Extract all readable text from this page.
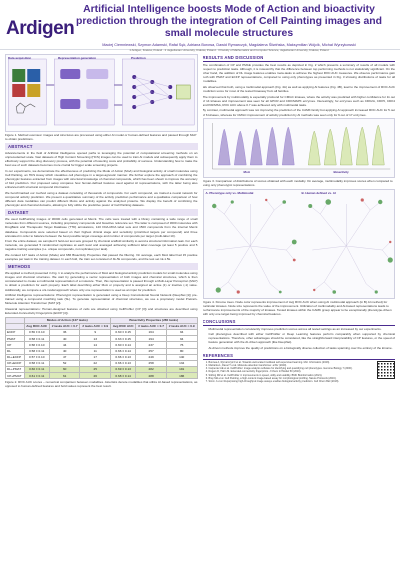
Ardigen
Artificial Intelligence boosts Mode of Action and bioactivity prediction through the integration of Cell Painting images and small molecule structures
Maciej Ciemniewski, Szymon Adamski, Rafał Sęk, Adriana Borowa, Dawid Rymarczyk, Magdalena Śliwińska, Maksymilian Wójcik, Michał Wyrzykowski
1 Ardigen, Kraków, Poland · 2 Jagiellonian University, Kraków, Poland · 3 Faculty of Mathematics and Computer Science, Jagiellonian University, Kraków, Poland
Data acquisition	Representation generation	Prediction
Figure 1. Method overview: images and structures are processed using either AI model or human-defined features and passed through MLP to obtain predictions.
ABSTRACT

Advancements in the field of Artificial Intelligence opened paths to leveraging the potential of computational screening methods on an unprecedented scale. Vast datasets of High Content Screening (HCS) images can be used to train AI models and subsequently apply them to effectively support the drug discovery process, with the potential of lowering costs and probability of success. Understanding how to make the best use of such datasets becomes more crucial for bigger scale screening projects.

In our experiments, we demonstrate the effectiveness of predicting the Mode of Action (MoA) and biological activity of small molecules using Cell Painting, an HCS Assay which visualizes cell phenotype in a target-agnostic manner. We further explore the approach of combining the phenotypic features extracted from images with structural knowledge of chemical compounds, which has been shown to improve the accuracy of fold prediction. Our proposed setup compares how human-defined features used against AI representations, with the latter being also enhanced with structural compound information.

We benchmarked our method using a dataset consisting of thousands of compounds. For each compound, we trained a neural network for compound activity prediction. We present a quantitative summary of the activity prediction performance and a qualitative comparison of how different data modalities can predict different MoAs and activity against the analyzed proteins. We display the benefit of combining the phenotypic and chemical domains, allowing to fully utilize the predictive power of Cell Painting datasets.

DATASET

We used CellPainting images of 30000 cells generated at Merck. The cells were treated with a library containing a wide range of small molecules from different sources, including proprietary compounds and bioactive reference set. The latter is composed of 3000 molecules with DrugBank and Therapeutic Target Database (TTD) annotations, 120 FDA-MOA label sets and 1500 compounds from the internal Merck database. Compounds were selected based on their highest clinical stage and sensitivity (prioritized targets per compound) and three annotated in order to balance between the best possible target coverage and number of compounds per target (multi-label 10).

From the entire dataset, we sampled 3 held-out test sets grouped by chemical scaffold similarity to avoid a structural information leak. For each molecule, we generated 5 randomized replicates at each level and averaged achieving sufficient label coverage (at least 5 positive and 5 negative training examples (i.e. unique compounds, not replicates) per task).

We curated 147 tasks of Action (Mode) and 686 Bioactivity Properties that passed the filtering. On average, each MoA label had 15 positive examples per task in the training dataset. In each fold, the train set consisted of 4k-5k compounds, and the test set 1k-1.5k.

METHODS

We applied a method presented in Fig. 1 to analyze the performance of MoA and biological activity prediction models for small molecules using images and chemical structures. We start by generating a vector representation of both images and chemical structures, which is then concatenated to create a multimodal representation of a molecule. Then, this representation is passed through a Multi-Layer Perceptron (MLP) to obtain a prediction for each property. Each label describing either MoA or property and is assigned an active (1) or inactive (-1) value. Additionally, we compare a uni-modal approach where only one representation is used as an input for prediction.

Artificial Intelligence representations: Phenotypic representation is generated using a Deep Convolutional Neural Network (DeepNet [1]) pre-trained using a compound matching task (SL). To generate representation of chemical structures, we use a proprietary model Pretrain-Molecule Attention Transformer (MAT [2]).

Classical representations: Human-designed features of cells are obtained using CellProfiler (CP [3]) and structures are described using Extended-Connectivity Fingerprints (ECFP [4]).

	Modes of Action (147 tasks)			Bioactivity Properties (280 tasks)		
	Avg ROC AUC	# tasks AUC > 0.7	# tasks AUC > 0.9	Avg ROC AUC	# tasks AUC > 0.7	# tasks AUC > 0.9
ECFP	0.56 ± 0.10	36	9	0.60 ± 0.15	164	94
PMAT	0.58 ± 0.11	40	13	0.63 ± 0.15	194	94
CP	0.58 ± 0.10	44	14	0.60 ± 0.14	237	76
DL	0.58 ± 0.11	40	11	0.66 ± 0.14	257	80
DL+ECFP	0.57 ± 0.10	47	17	0.66 ± 0.13	249	140
CP+ECFP	0.58 ± 0.11	52	22	0.66 ± 0.13	258	134
DL+PMAT	0.60 ± 0.11	60	25	0.69 ± 0.13	282	191
CP+PMAT	0.61 ± 0.11	61	26	0.68 ± 0.14	288	186
Figure 2. ROC AUC scores – numerical comparison between modalities. Asterisks denote modalities that utilize AI-based representations, as opposed to human-defined features and bold values represent the best result.
RESULTS AND DISCUSSION

The combination of CP and PMAE provides the best results as depicted in Fig. 2 which presents a summary of results of all models with respect to prediction tasks. Although, it is noteworthy that the difference between top performing methods is not statistically significant. On the other hand, the addition of DL image features enables meta-tasks to achieve the highest ROC AUC measures. We observe performance gain both with PMAT and ECFP representations, compared to using only phenotypes as presented in Fig. 3 showing distributions of tasks for all modalities.

We observed that both, using a multimodal approach (Fig. 4A) as well as applying AI features (Fig. 4B), lead to the improvement of ROC AUC prediction score for most of the tested bioassay from all families.

The improvement by multimodality is especially profound for CMGC kinases, where the activity was predicted with higher confidence for 11 out of 14 kinases and improvement was seen for all GPCR and CDK/MAPK enzymes. Interestingly, for enzymes such as CDK2A, CDK5, CDK4 and PAFMSA, ROC AUC above 0.7 was achieved only with multimodal tasks.

By contrast, multimodal approach was not improving the prediction of the CAMK family but applying AI approach increased ROC AUC for 5 out of 6 kinases, whereas for CMGC improvement of activity prediction by AI methods was seen only for 6 out of 17 enzymes.

MoA	Bioactivity
Figure 3. Comparison of distributions of scores obtained with each modality. On average, multimodality improves scores when compared to using only phenotypic representations.
A. Phenotype only vs. Multimodal	B. Human defined vs. AI
Figure 4. Kinome trees. Node color represents improvement of Avg ROC AUC when using AI multimodal approach (in B) AI method) for particular kinases. Node size represents the value of the improvement. Utilization of multimodality and AI-based representations leads to performance improvements of the majority of kinases. Tested kinases within the CAMK group appear to be exceptionally phenotype-driven with only one target being improved by chemical features.
CONCLUSIONS
• Multimodal representation consistently improves prediction scores across all tested settings as an increased by our experiments.
• Cell phenotypes described with either CellProfiler or Deep Learning features perform comparably when supported by chemical representations. Therefore, other advantages should be considered, like the straightforward interpretability of CP features, or the speed of feature generation with the AI-driven approach (like DeepNet).
• AI-driven methods improve the quality of predictions on a biologically diverse collection of tasks spanning over the entirety of the kinome.
REFERENCES
1. Borowa A, Rymarczyk D et al. Towards well-scaled multitask self-supervised learning. Mol. Informatics (2023).
2. Maziarka Ł, Danel T et al. Molecule attention transformer. arXiv (2020).
3. Carpenter AE et al. CellProfiler: image analysis software for identifying and quantifying cell phenotypes. Genome Biology 7 (2006).
4. Rogers D, Hahn M. Extended-connectivity fingerprints. J Chem Inf Model 50 (2010).
5. Stirling DR et al. CellProfiler 4: improvements in speed, utility and usability. BMC Bioinformatics (2021).
6. Bray MA et al. Cell Painting, a high-content image-based assay for morphological profiling. Nature Protocols (2016).
7. Simm J et al. Repurposing high-throughput image assays enables biological activity prediction. Cell Chem Biol (2018).
